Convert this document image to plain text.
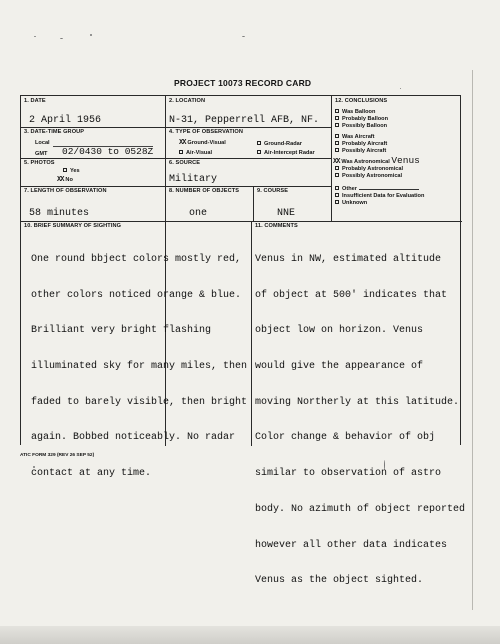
PROJECT 10073 RECORD CARD
1. DATE
2 April 1956
2. LOCATION
N-31, Pepperrell AFB, NF.
3. DATE-TIME GROUP
Local
GMT 02/0430 to 0528Z
4. TYPE OF OBSERVATION
XX Ground-Visual	Ground-Radar
Air-Visual	Air-Intercept Radar
5. PHOTOS
Yes
XX No
6. SOURCE
Military
7. LENGTH OF OBSERVATION
58 minutes
8. NUMBER OF OBJECTS
one
9. COURSE
NNE
12. CONCLUSIONS
Was Balloon
Probably Balloon
Possibly Balloon
Was Aircraft
Probably Aircraft
Possibly Aircraft
XX Was Astronomical Venus
Probably Astronomical
Possibly Astronomical
Other
Insufficient Data for Evaluation
Unknown
10. BRIEF SUMMARY OF SIGHTING

One round bbject colors mostly red,

other colors noticed orange & blue.

Brilliant very bright flashing

illuminated sky for many miles, then

faded to barely visible, then bright

again. Bobbed noticeably. No radar

contact at any time.

11. COMMENTS

Venus in NW, estimated altitude

of object at 500' indicates that

object low on horizon. Venus

would give the appearance of

moving Northerly at this latitude.

Color change & behavior of obj

similar to observation of astro

body. No azimuth of object reported

however all other data indicates

Venus as the object sighted.

ATIC FORM 329 (REV 26 SEP 52)
